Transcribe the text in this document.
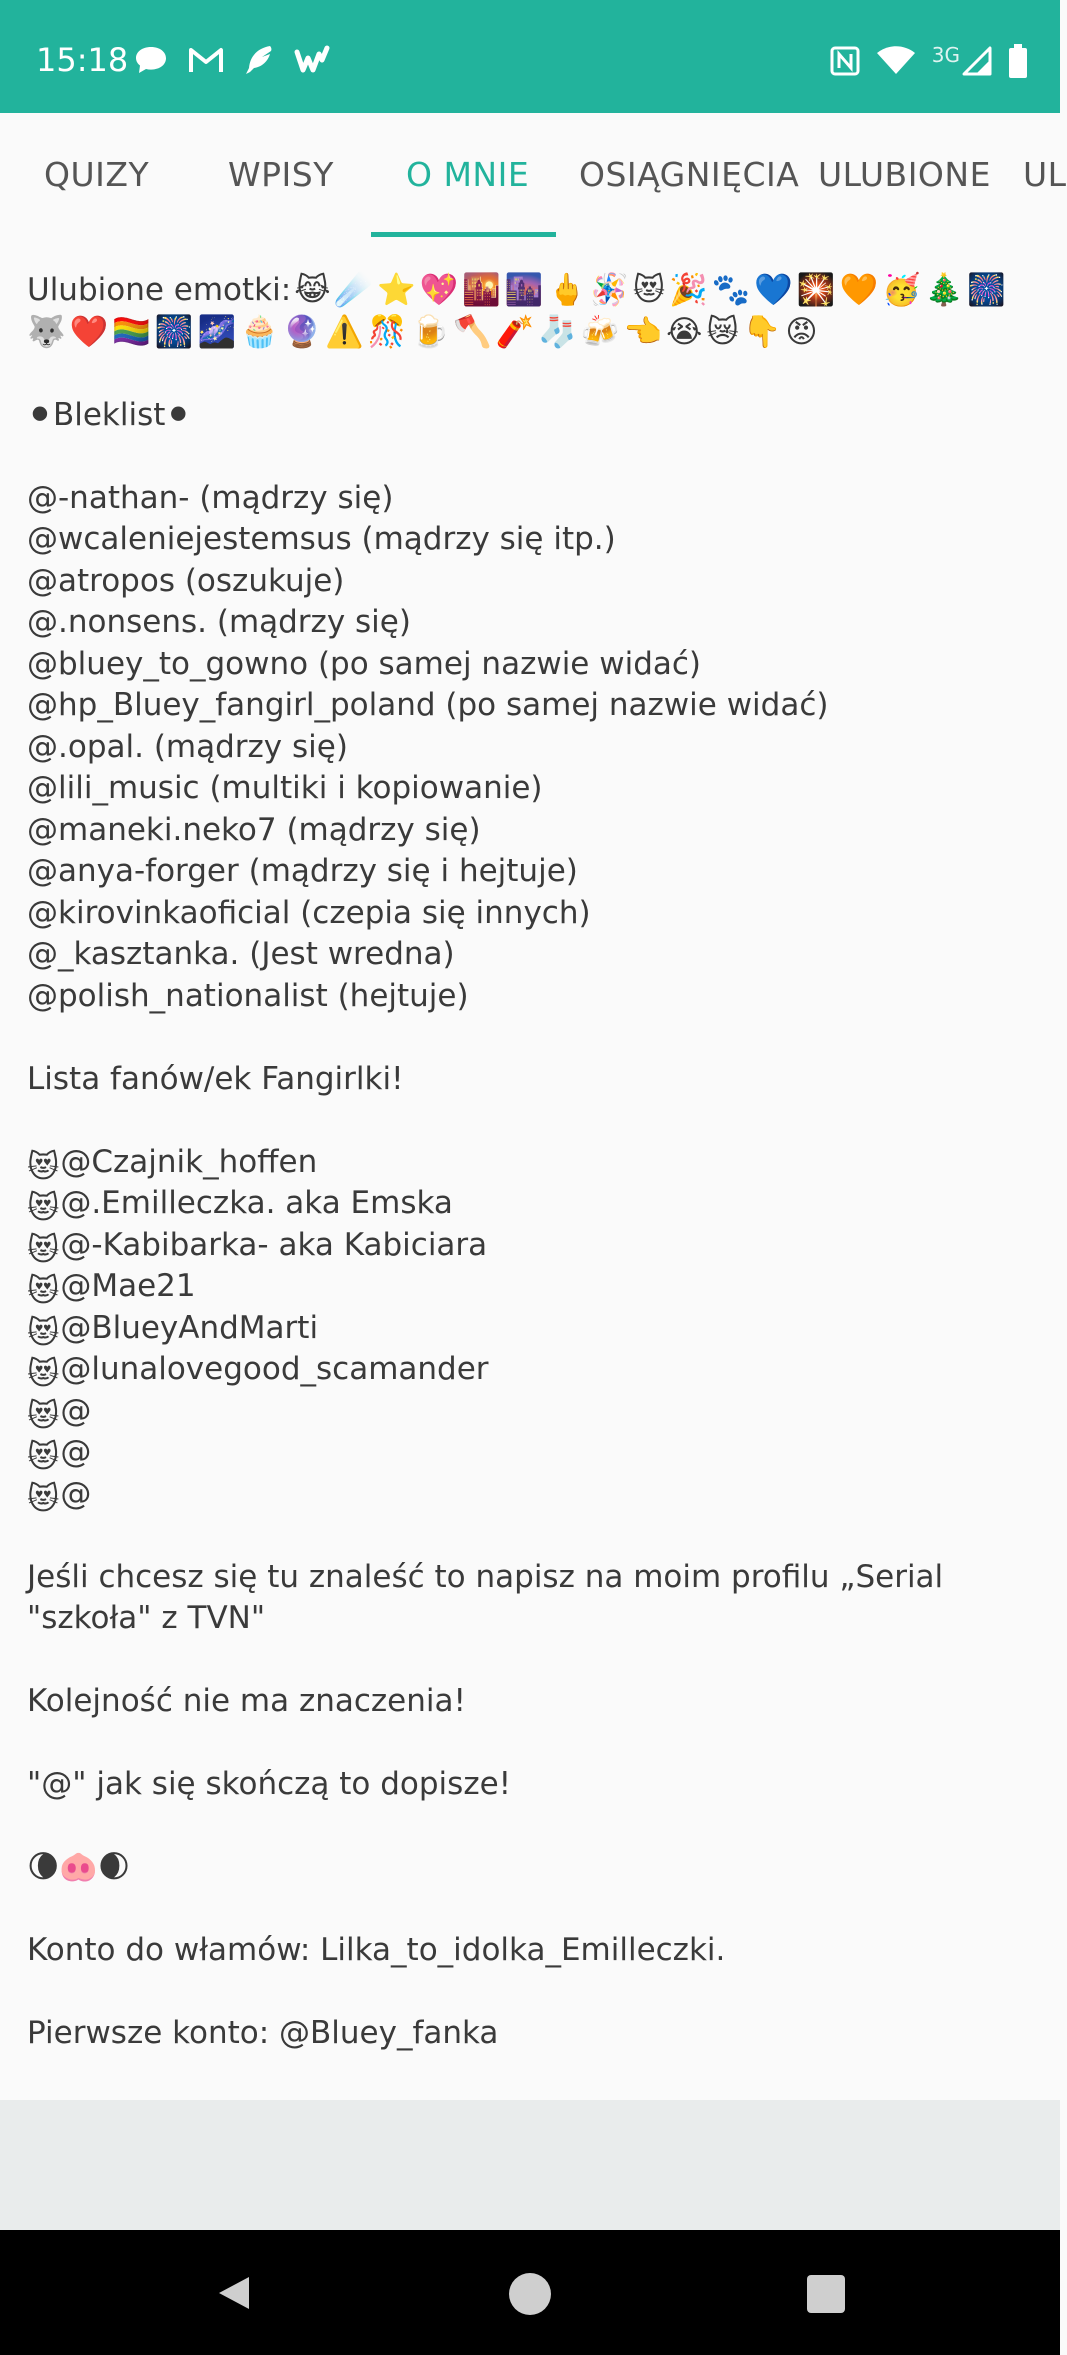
15:18	3G
QUIZY WPISY O MNIE OSIĄGNIĘCIA ULUBIONE UL
Ulubione emotki: 😹 ☄️ ⭐ 💖 🌇 🌆 🖕 🪅 😻 🎉 🐾 💙 🎇 🧡 🥳 🎄 🎆
🐺 ❤️ 🏳️‍🌈 🎆 🌌 🧁 🔮 ⚠️ 🎊 🍺 🪓 🧨 🧦 🍻 👈 😭 😿 👇 😡
⚫Bleklist⚫
@-nathan- (mądrzy się)
@wcaleniejestemsus (mądrzy się itp.)
@atropos (oszukuje)
@.nonsens. (mądrzy się)
@bluey_to_gowno (po samej nazwie widać)
@hp_Bluey_fangirl_poland (po samej nazwie widać)
@.opal. (mądrzy się)
@lili_music (multiki i kopiowanie)
@maneki.neko7 (mądrzy się)
@anya-forger (mądrzy się i hejtuje)
@kirovinkaoficial (czepia się innych)
@_kasztanka. (Jest wredna)
@polish_nationalist (hejtuje)
Lista fanów/ek Fangirlki!
😻@Czajnik_hoffen
😻@.Emilleczka. aka Emska
😻@-Kabibarka- aka Kabiciara
😻@Mae21
😻@BlueyAndMarti
😻@lunalovegood_scamander
😻@
😻@
😻@
Jeśli chcesz się tu znaleść to napisz na moim profilu „Serial
"szkoła" z TVN"
Kolejność nie ma znaczenia!
"@" jak się skończą to dopisze!
🌘🐽🌒
Konto do włamów: Lilka_to_idolka_Emilleczki.
Pierwsze konto: @Bluey_fanka
